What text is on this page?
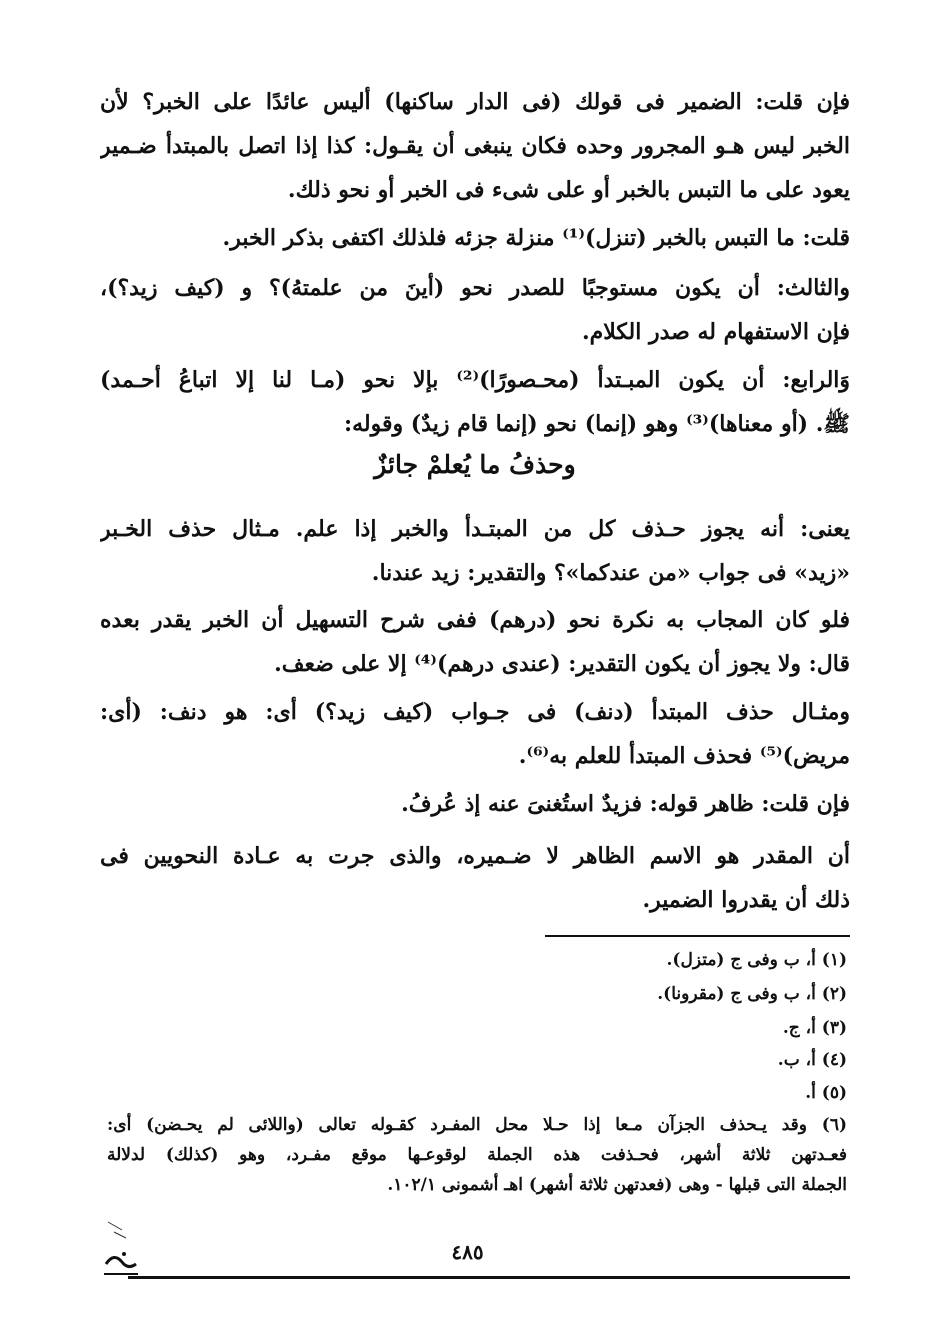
فإن قلت: الضمير فى قولك (فى الدار ساكنها) أليس عائدًا على الخبر؟ لأن
الخبر ليس هـو المجرور وحده فكان ينبغى أن يقـول: كذا إذا اتصل بالمبتدأ ضـمير
يعود على ما التبس بالخبر أو على شىء فى الخبر أو نحو ذلك.
قلت: ما التبس بالخبر (تنزل)⁽¹⁾ منزلة جزئه فلذلك اكتفى بذكر الخبر.
والثالث: أن يكون مستوجبًا للصدر نحو (أينَ من علمتهُ)؟ و (كيف زيد؟)،
فإن الاستفهام له صدر الكلام.
وَالرابع: أن يكون المبـتدأ (محـصورًا)⁽²⁾ بإلا نحو (مـا لنا إلا اتباعُ أحـمد)
ﷺ. (أو معناها)⁽³⁾ وهو (إنما) نحو (إنما قام زيدٌ) وقوله:
وحذفُ ما يُعلمْ جائزٌ
يعنى: أنه يجوز حـذف كل من المبتـدأ والخبر إذا علم. مـثال حذف الخـبر
«زيد» فى جواب «من عندكما»؟ والتقدير: زيد عندنا.
فلو كان المجاب به نكرة نحو (درهم) ففى شرح التسهيل أن الخبر يقدر بعده
قال: ولا يجوز أن يكون التقدير: (عندى درهم)⁽⁴⁾ إلا على ضعف.
ومثـال حذف المبتدأ (دنف) فى جـواب (كيف زيد؟) أى: هو دنف: (أى:
مريض)⁽⁵⁾ فحذف المبتدأ للعلم به⁽⁶⁾.
فإن قلت: ظاهر قوله: فزيدٌ استُغنىَ عنه إذ عُرفُ.
أن المقدر هو الاسم الظاهر لا ضـميره، والذى جرت به عـادة النحويين فى
ذلك أن يقدروا الضمير.
(١) أ، ب وفى ج (متزل).
(٢) أ، ب وفى ج (مقرونا).
(٣) أ، ج.
(٤) أ، ب.
(٥) أ.
(٦) وقد يـحذف الجزآن مـعا إذا حـلا محل المفـرد كقـوله تعالى (واللائى لم يحـضن) أى:
فعـدتهن ثلاثة أشهر، فحـذفت هذه الجملة لوقوعـها موقع مفـرد، وهو (كذلك) لدلالة
الجملة التى قبلها - وهى (فعدتهن ثلاثة أشهر) اهـ أشمونى ١٠٢/١.
٤٨٥
